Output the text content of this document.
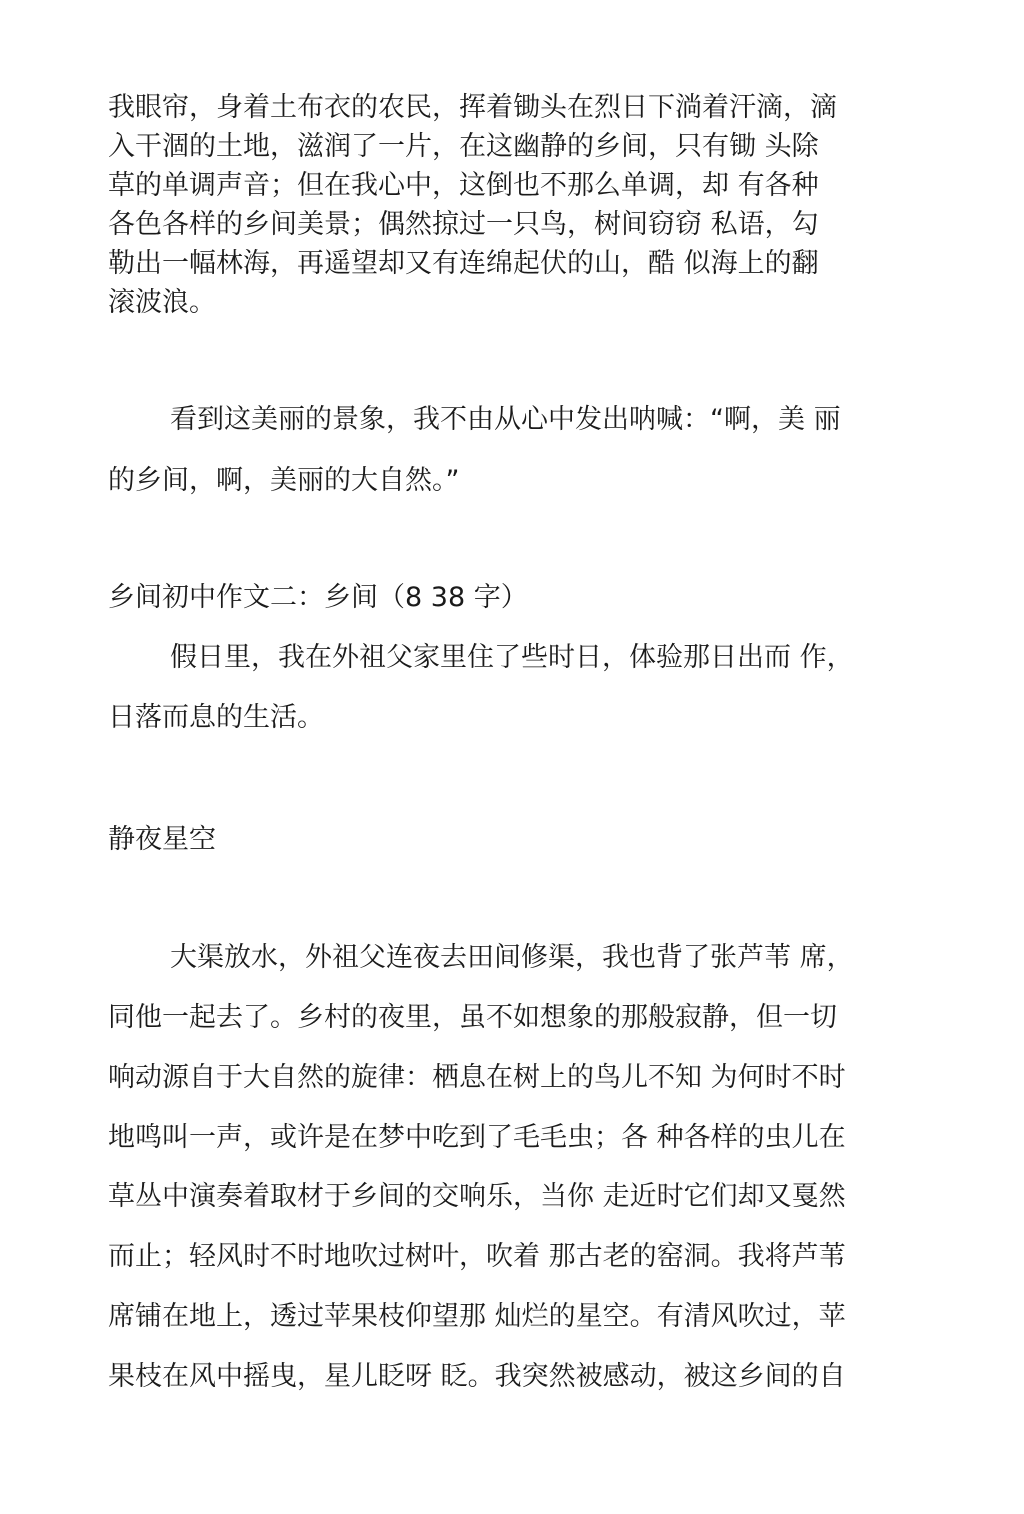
我眼帘，身着土布衣的农民，挥着锄头在烈日下淌着汗滴，滴
入干涸的土地，滋润了一片，在这幽静的乡间，只有锄 头除
草的单调声音；但在我心中，这倒也不那么单调，却 有各种
各色各样的乡间美景；偶然掠过一只鸟，树间窃窃 私语，勾
勒出一幅林海，再遥望却又有连绵起伏的山，酷 似海上的翻
滚波浪。
看到这美丽的景象，我不由从心中发出呐喊：“啊，美 丽
的乡间，啊，美丽的大自然。”
乡间初中作文二：乡间（8 38 字）
假日里，我在外祖父家里住了些时日，体验那日出而 作，
日落而息的生活。
静夜星空
大渠放水，外祖父连夜去田间修渠，我也背了张芦苇 席，
同他一起去了。乡村的夜里，虽不如想象的那般寂静，但一切
响动源自于大自然的旋律：栖息在树上的鸟儿不知 为何时不时
地鸣叫一声，或许是在梦中吃到了毛毛虫；各 种各样的虫儿在
草丛中演奏着取材于乡间的交响乐，当你 走近时它们却又戛然
而止；轻风时不时地吹过树叶，吹着 那古老的窑洞。我将芦苇
席铺在地上，透过苹果枝仰望那 灿烂的星空。有清风吹过，苹
果枝在风中摇曳，星儿眨呀 眨。我突然被感动，被这乡间的自
